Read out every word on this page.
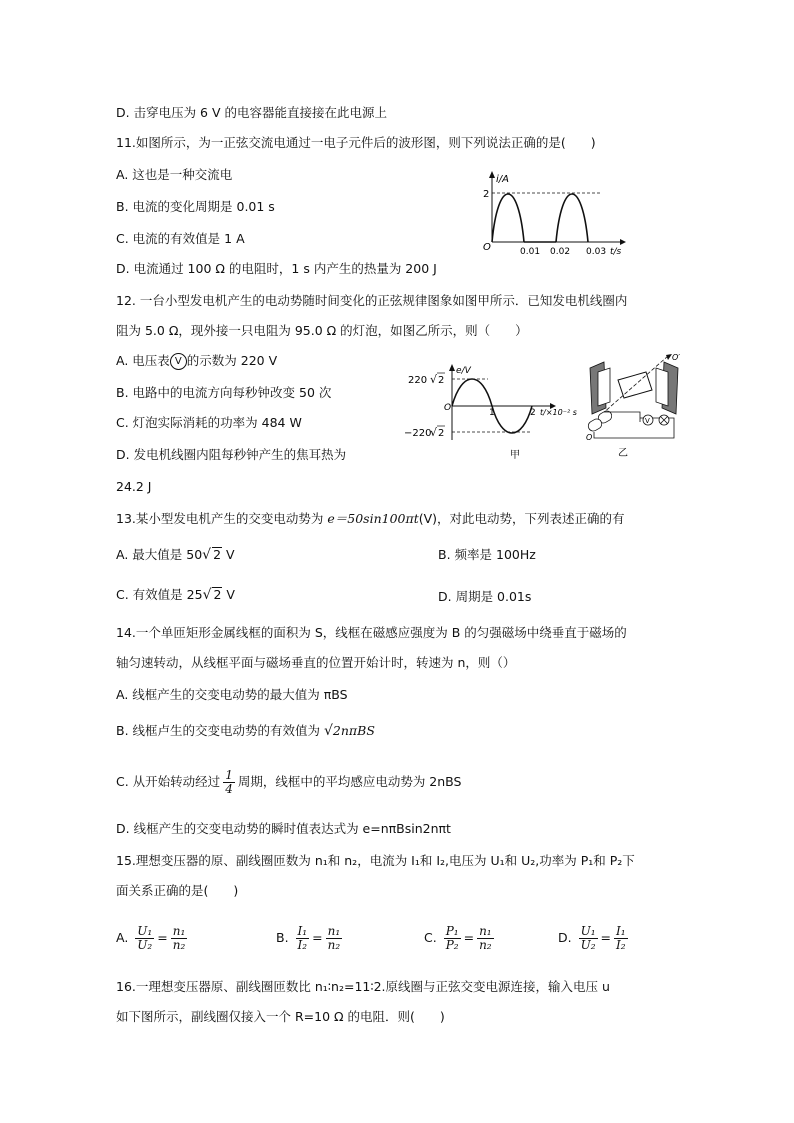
D. 击穿电压为 6 V 的电容器能直接接在此电源上
11.如图所示，为一正弦交流电通过一电子元件后的波形图，则下列说法正确的是(　　)
A. 这也是一种交流电
B. 电流的变化周期是 0.01 s
C. 电流的有效值是 1 A
D. 电流通过 100 Ω 的电阻时，1 s 内产生的热量为 200 J
i/A
2
O	0.01 0.02 0.03 t/s
12. 一台小型发电机产生的电动势随时间变化的正弦规律图象如图甲所示．已知发电机线圈内
阻为 5.0 Ω，现外接一只电阻为 95.0 Ω 的灯泡，如图乙所示，则（　　）
A. 电压表 V 的示数为 220 V
B. 电路中的电流方向每秒钟改变 50 次
C. 灯泡实际消耗的功率为 484 W
D. 发电机线圈内阻每秒钟产生的焦耳热为
24.2 J
e/V
220 √ 2
−220
√ 2
O	1	2 t/×10⁻² s
甲
V
O
O′
乙
13.某小型发电机产生的交变电动势为 e＝50sin100πt(V)，对此电动势，下列表述正确的有
A. 最大值是 50√ 2 V	B. 频率是 100Hz
C. 有效值是 25√ 2 V	D. 周期是 0.01s
14.一个单匝矩形金属线框的面积为 S，线框在磁感应强度为 B 的匀强磁场中绕垂直于磁场的
轴匀速转动，从线框平面与磁场垂直的位置开始计时，转速为 n，则（）
A. 线框产生的交变电动势的最大值为 πBS
B. 线框卢生的交变电动势的有效值为 √2nπBS
C. 从开始转动经过 $\frac{1}{4}$ 周期，线框中的平均感应电动势为 2nBS
D. 线框产生的交变电动势的瞬时值表达式为 e=nπBsin2nπt
15.理想变压器的原、副线圈匝数为 n₁和 n₂，电流为 I₁和 I₂,电压为 U₁和 U₂,功率为 P₁和 P₂下
面关系正确的是(　　)
A. $\frac{\text{U₁}}{\text{U₂}} = \frac{\text{n₁}}{\text{n₂}}$	B. $\frac{\text{I₁}}{\text{I₂}} = \frac{\text{n₁}}{\text{n₂}}$	C. $\frac{\text{P₁}}{\text{P₂}} = \frac{\text{n₁}}{\text{n₂}}$	D. $\frac{\text{U₁}}{\text{U₂}} = \frac{\text{I₁}}{\text{I₂}}$
16.一理想变压器原、副线圈匝数比 n₁∶n₂=11∶2.原线圈与正弦交变电源连接，输入电压 u
如下图所示，副线圈仅接入一个 R=10 Ω 的电阻．则(　　)
